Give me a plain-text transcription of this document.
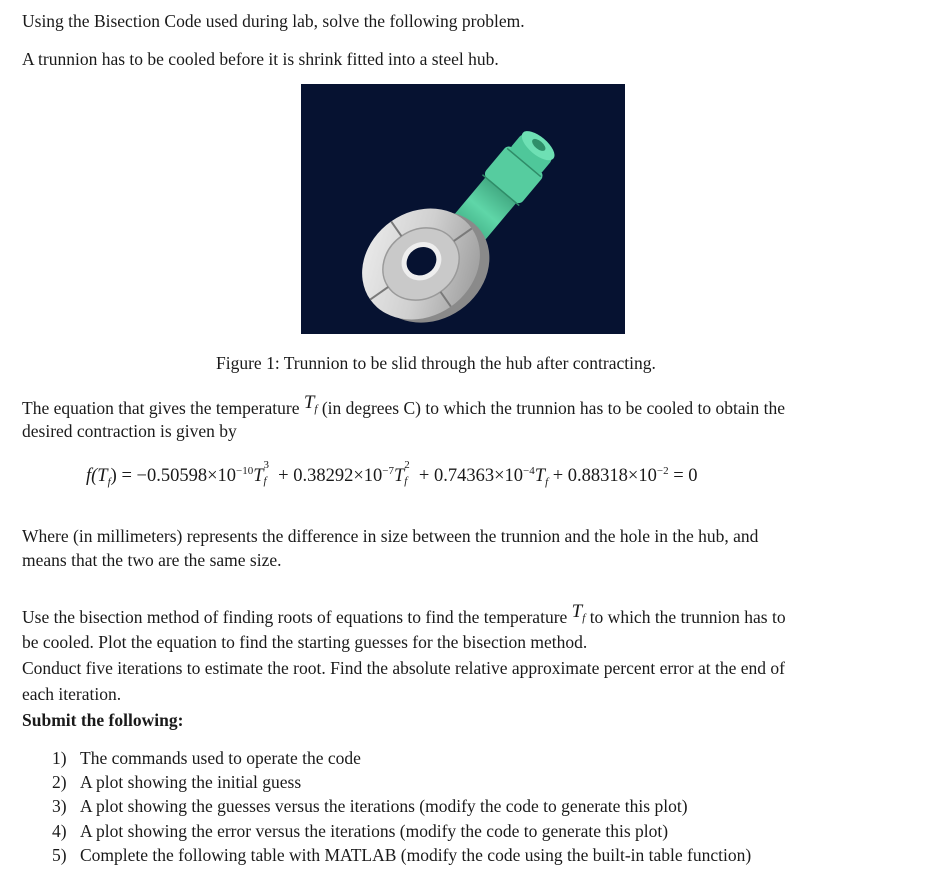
Using the Bisection Code used during lab, solve the following problem.
A trunnion has to be cooled before it is shrink fitted into a steel hub.
Figure 1: Trunnion to be slid through the hub after contracting.
The equation that gives the temperature Tf (in degrees C) to which the trunnion has to be cooled to obtain the
desired contraction is given by
$f(T_f) = -0.50598\times 10^{-10}T$
3
$f + 0.38292\times 10^{-7}T$
2
$f + 0.74363\times 10^{-4}T_f + 0.88318\times 10^{-2} = 0$
Where (in millimeters) represents the difference in size between the trunnion and the hole in the hub, and
means that the two are the same size.
Use the bisection method of finding roots of equations to find the temperature Tf to which the trunnion has to
be cooled. Plot the equation to find the starting guesses for the bisection method.
Conduct five iterations to estimate the root. Find the absolute relative approximate percent error at the end of
each iteration.
Submit the following:
1) The commands used to operate the code
2) A plot showing the initial guess
3) A plot showing the guesses versus the iterations (modify the code to generate this plot)
4) A plot showing the error versus the iterations (modify the code to generate this plot)
5) Complete the following table with MATLAB (modify the code using the built-in table function)
